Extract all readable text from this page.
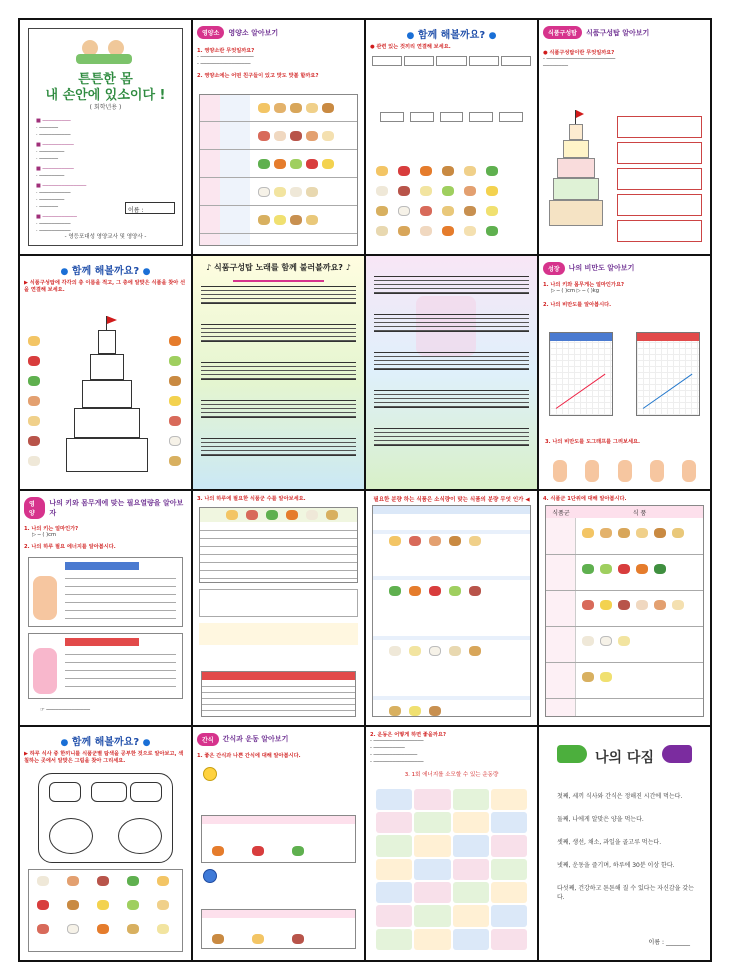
튼튼한 몸
내 손안에 있소이다 !
( 회학년용 )
■ ─────────
· ──────
· ──────────
■ ──────────
· ────────
· ──────
■ ──────────
· ────────
■ ──────────────
· ──────────
· ────────
· ──────
■ ───────────
· ──────────
· ──────────
이름 :
- 영등포대성 영양교사 및 영양사 -
영양소	영양소 알아보기
1. 영양소란 무엇일까요?
- ─────────────────
- ────────────────
2. 영양소에는 어떤 친구들이 있고 맛도 맛볼 할까요?
● 함께 해볼까요? ●
● 관련 있는 것끼리 연결해 보세요.
식품구성탑	식품구성탑 알아보기
● 식품구성탑이란 무엇일까요?
- ──────────────────────
────────
● 함께 해볼까요? ●
▶ 식품구성탑에 각각의 층 이름을 적고, 그 층에 알맞은 식품을 찾아 선을 연결해 보세요.
♪ 식품구성탑 노래를 함께 불러볼까요? ♪	성장	나의 비만도 알아보기
1. 나의 키와 몸무게는 얼마인가요?
▷ ─ ( )cm ▷ ─ ( )kg
2. 나의 비만도를 알아봅시다.
3. 나의 비만도를 도그래프를 그려보세요.
영양
나의 키와 몸무게에 맞는 필요열량을 알아보자
1. 나의 키는 얼마인가?
▷ ─ ( )cm
2. 나의 하루 필요 에너지를 알아봅시다.
☞ ──────────────
3. 나의 하루에 필요한 식품군 수를 알아보세요.	필요한 분량 하는 식품은 소식량이 맞는 식품의 분량 무엇 인가 ◀	4. 식품군 1단위에 대해 알아봅시다.
식품군	식 품
● 함께 해볼까요? ●
▶ 하루 식사 중 한끼니를 식품군별 탐색을 공부한 것으로 알아보고, 색칠하는 곳에서 알맞은 그림을 찾아 그리세요.
간식	간식과 운동 알아보기
1. 좋은 간식과 나쁜 간식에 대해 알아봅시다.
2. 운동은 어떻게 하면 좋을까요?
- ────────────────
- ──────────
- ──────────────
- ────────────────
3. 1회 에너지를 소모할 수 있는 운동량
나의 다짐
첫째, 세끼 식사와 간식은 정해진 시간에 먹는다.
둘째, 나에게 알맞은 양을 먹는다.
셋째, 생선, 채소, 과일을 골고루 먹는다.
넷째, 운동을 즐기며, 하루에 30분 이상 한다.
다섯째, 건강하고 튼튼해 질 수 있다는 자신감을 갖는다.
이름 : ________
